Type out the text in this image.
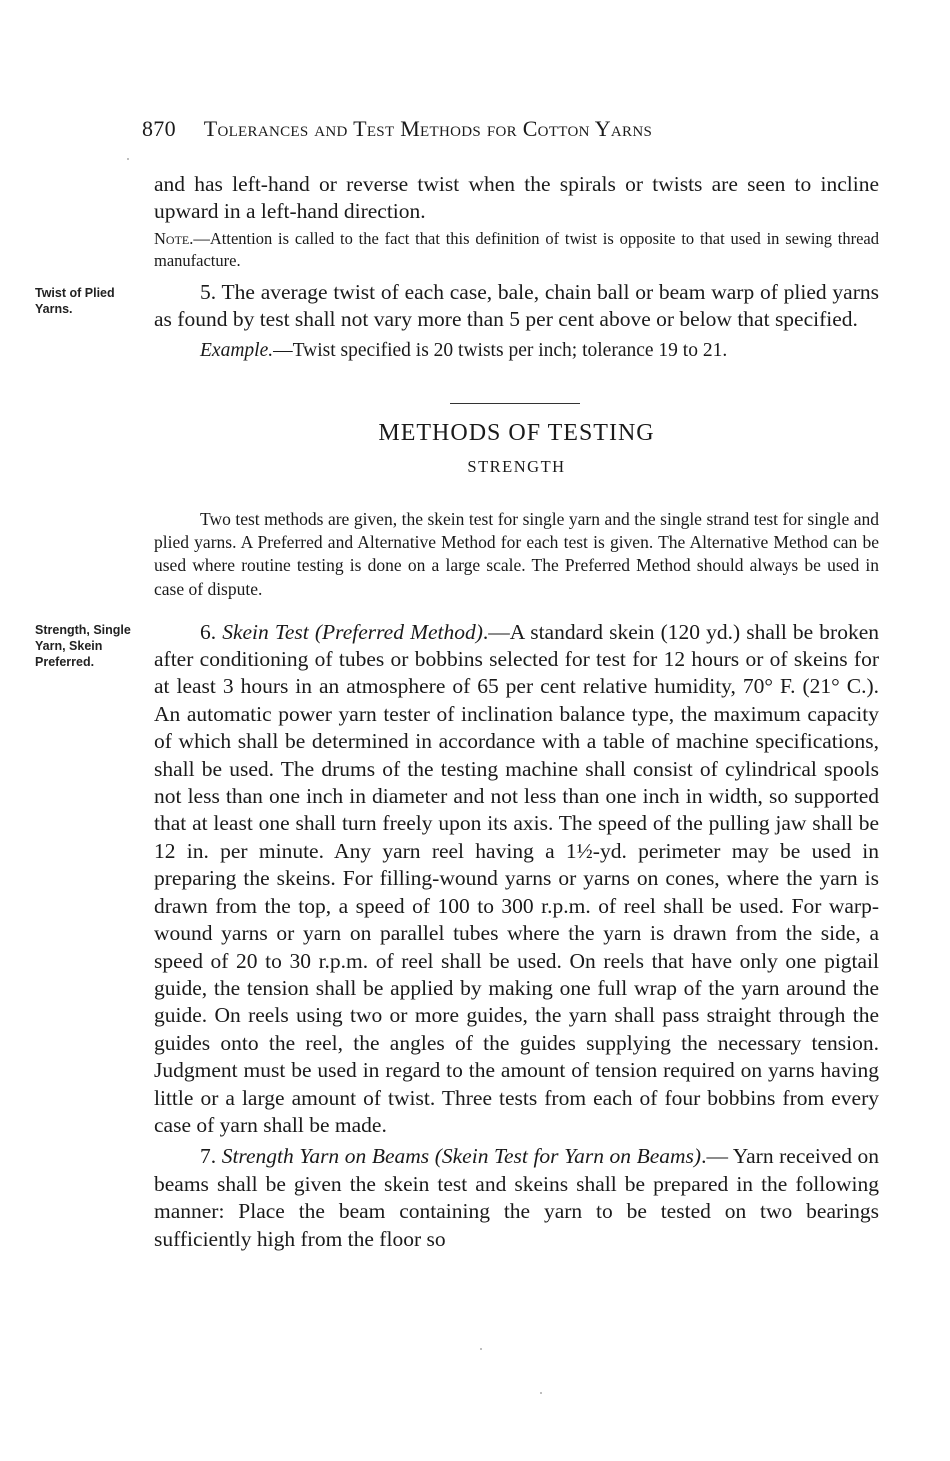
870 Tolerances and Test Methods for Cotton Yarns

and has left-hand or reverse twist when the spirals or twists are seen to incline upward in a left-hand direction.

Note.—Attention is called to the fact that this definition of twist is opposite to that used in sewing thread manufacture.

5. The average twist of each case, bale, chain ball or beam warp of plied yarns as found by test shall not vary more than 5 per cent above or below that specified.

Example.—Twist specified is 20 twists per inch; tolerance 19 to 21.

Twist of Plied Yarns.
METHODS OF TESTING
STRENGTH

Two test methods are given, the skein test for single yarn and the single strand test for single and plied yarns. A Preferred and Alternative Method for each test is given. The Alternative Method can be used where routine testing is done on a large scale. The Preferred Method should always be used in case of dispute.

6. Skein Test (Preferred Method).—A standard skein (120 yd.) shall be broken after conditioning of tubes or bobbins selected for test for 12 hours or of skeins for at least 3 hours in an atmosphere of 65 per cent relative humidity, 70° F. (21° C.). An automatic power yarn tester of inclination balance type, the maximum capacity of which shall be determined in accordance with a table of machine specifications, shall be used. The drums of the testing machine shall consist of cylindrical spools not less than one inch in diameter and not less than one inch in width, so supported that at least one shall turn freely upon its axis. The speed of the pulling jaw shall be 12 in. per minute. Any yarn reel having a 1½-yd. perimeter may be used in preparing the skeins. For filling-wound yarns or yarns on cones, where the yarn is drawn from the top, a speed of 100 to 300 r.p.m. of reel shall be used. For warp-wound yarns or yarn on parallel tubes where the yarn is drawn from the side, a speed of 20 to 30 r.p.m. of reel shall be used. On reels that have only one pigtail guide, the tension shall be applied by making one full wrap of the yarn around the guide. On reels using two or more guides, the yarn shall pass straight through the guides onto the reel, the angles of the guides supplying the necessary tension. Judgment must be used in regard to the amount of tension required on yarns having little or a large amount of twist. Three tests from each of four bobbins from every case of yarn shall be made.

7. Strength Yarn on Beams (Skein Test for Yarn on Beams).— Yarn received on beams shall be given the skein test and skeins shall be prepared in the following manner: Place the beam containing the yarn to be tested on two bearings sufficiently high from the floor so

Strength, Single Yarn, Skein Preferred.
